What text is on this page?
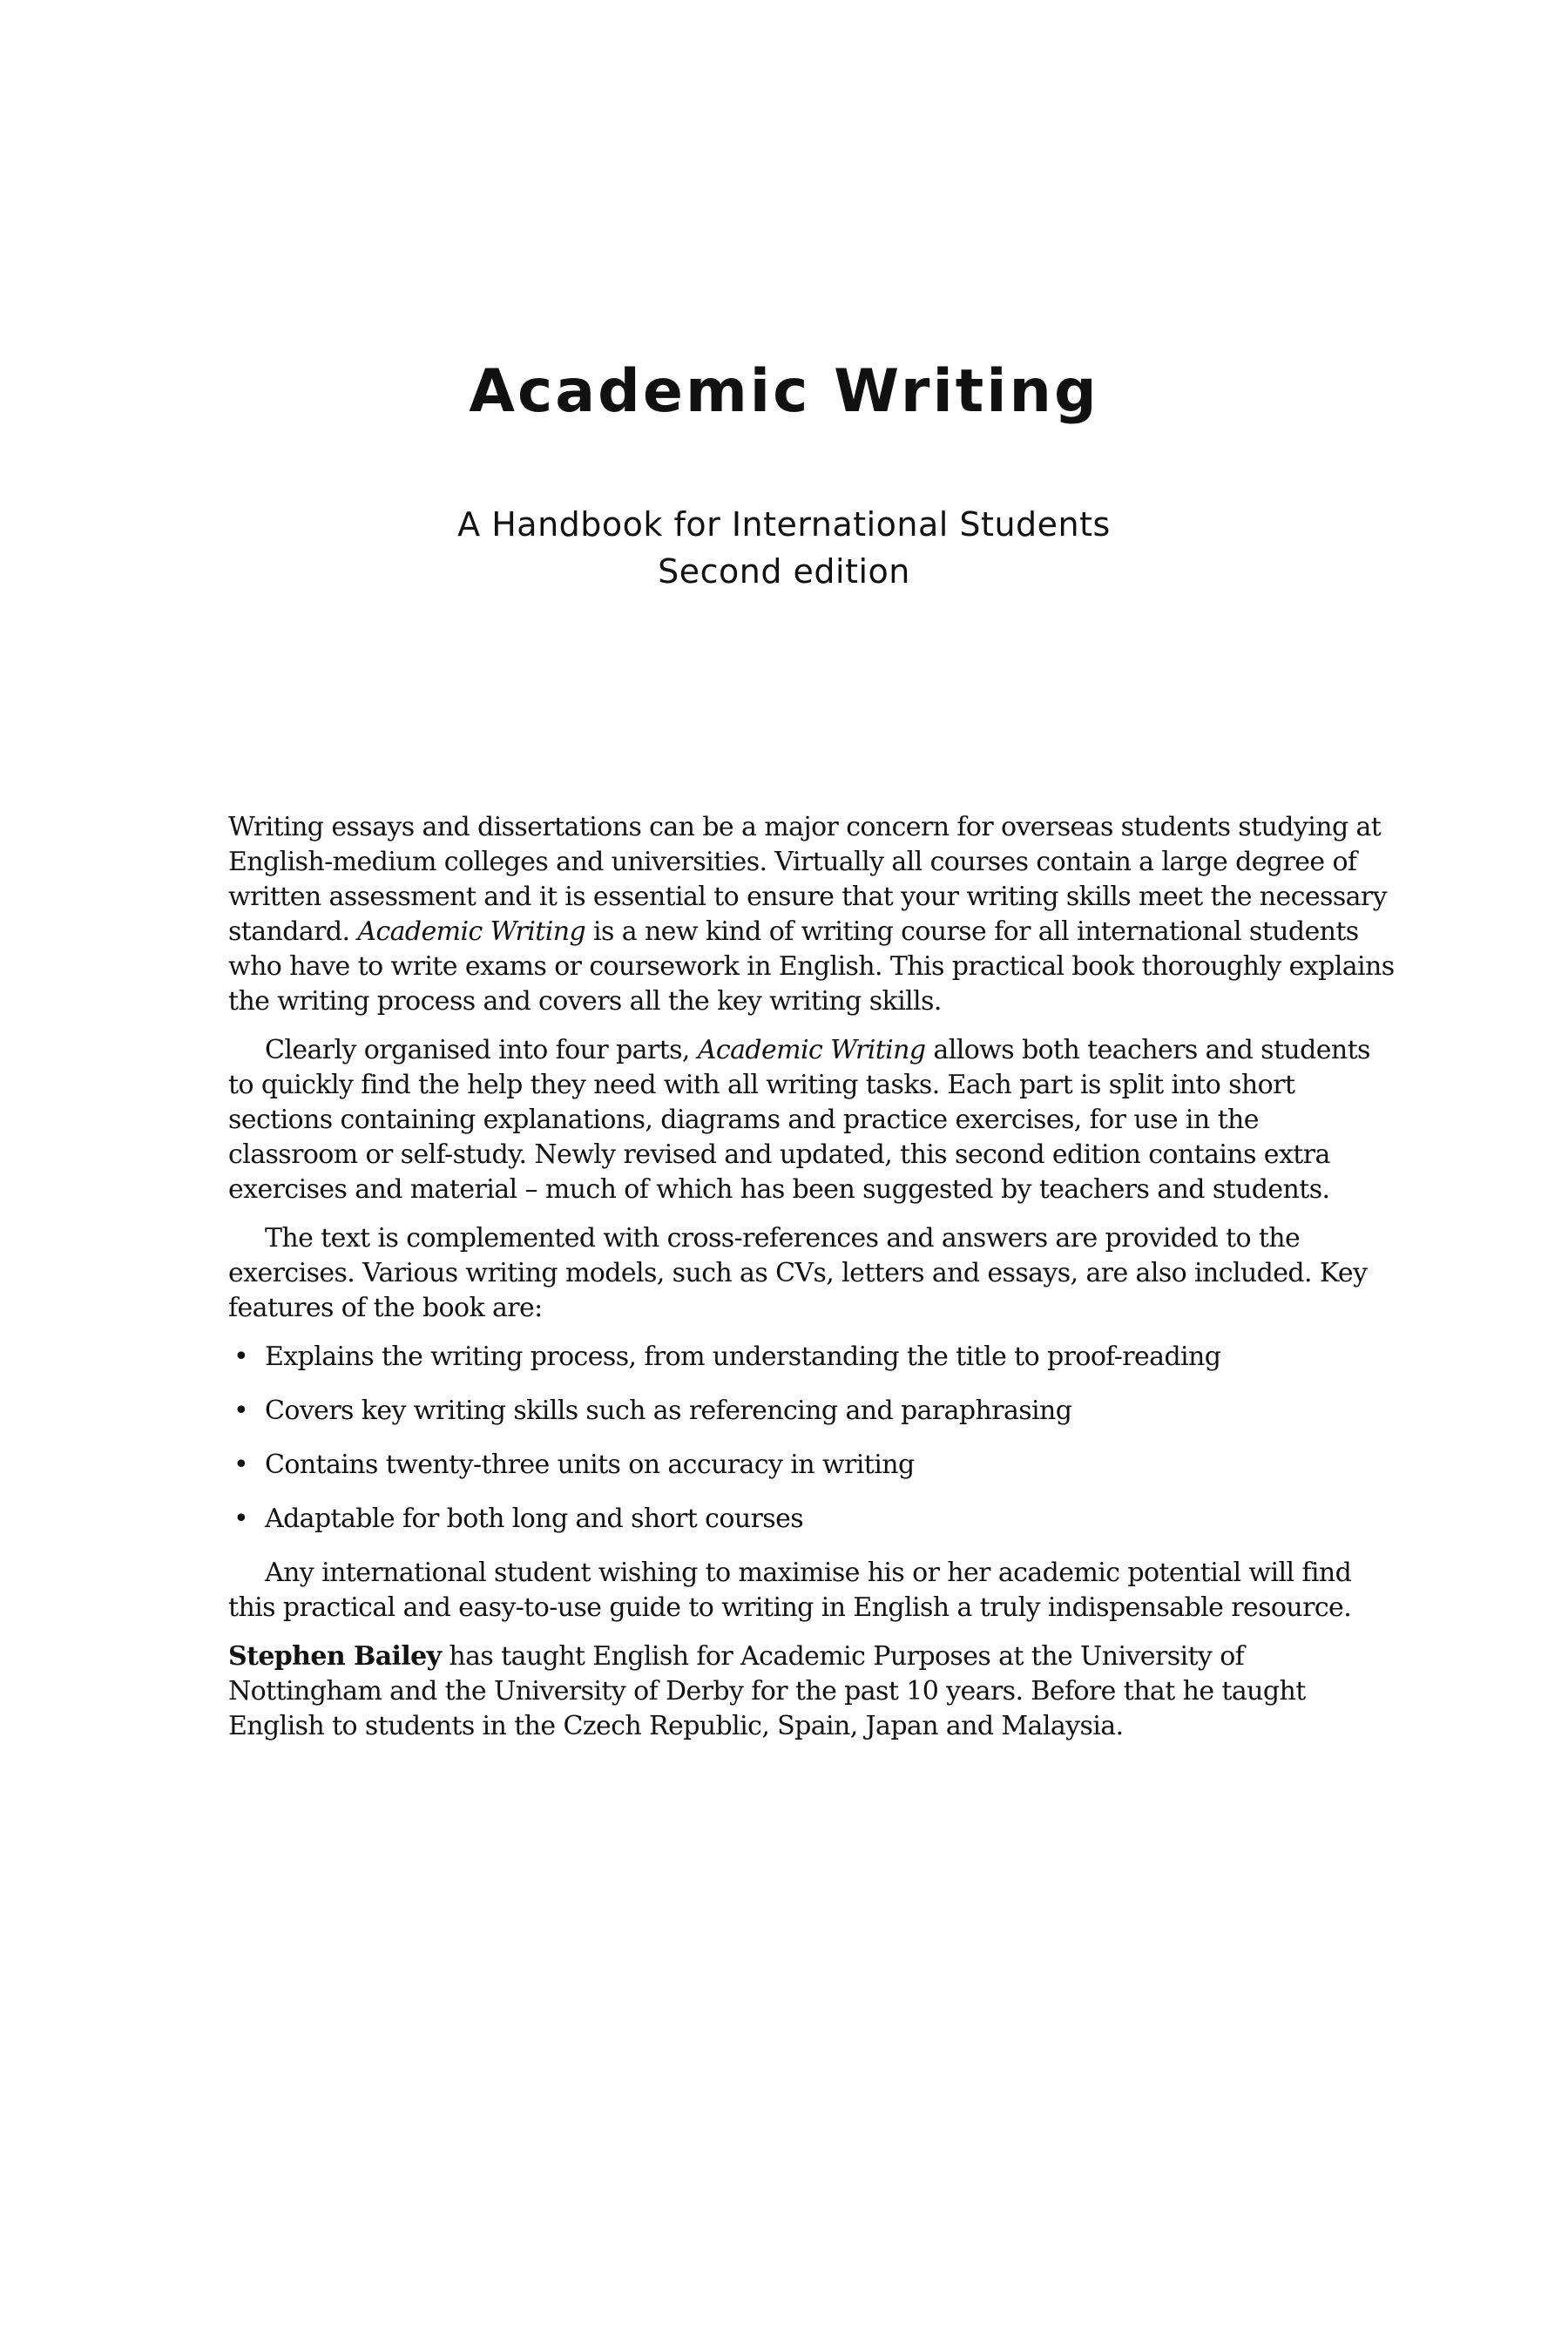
Academic Writing
A Handbook for International Students
Second edition

Writing essays and dissertations can be a major concern for overseas students studying at English-medium colleges and universities. Virtually all courses contain a large degree of written assessment and it is essential to ensure that your writing skills meet the necessary standard. Academic Writing is a new kind of writing course for all international students who have to write exams or coursework in English. This practical book thoroughly explains the writing process and covers all the key writing skills.

Clearly organised into four parts, Academic Writing allows both teachers and students to quickly find the help they need with all writing tasks. Each part is split into short sections containing explanations, diagrams and practice exercises, for use in the classroom or self-study. Newly revised and updated, this second edition contains extra exercises and material – much of which has been suggested by teachers and students.

The text is complemented with cross-references and answers are provided to the exercises. Various writing models, such as CVs, letters and essays, are also included. Key features of the book are:

• Explains the writing process, from understanding the title to proof-reading
• Covers key writing skills such as referencing and paraphrasing
• Contains twenty-three units on accuracy in writing
• Adaptable for both long and short courses

Any international student wishing to maximise his or her academic potential will find this practical and easy-to-use guide to writing in English a truly indispensable resource.

Stephen Bailey has taught English for Academic Purposes at the University of Nottingham and the University of Derby for the past 10 years. Before that he taught English to students in the Czech Republic, Spain, Japan and Malaysia.
